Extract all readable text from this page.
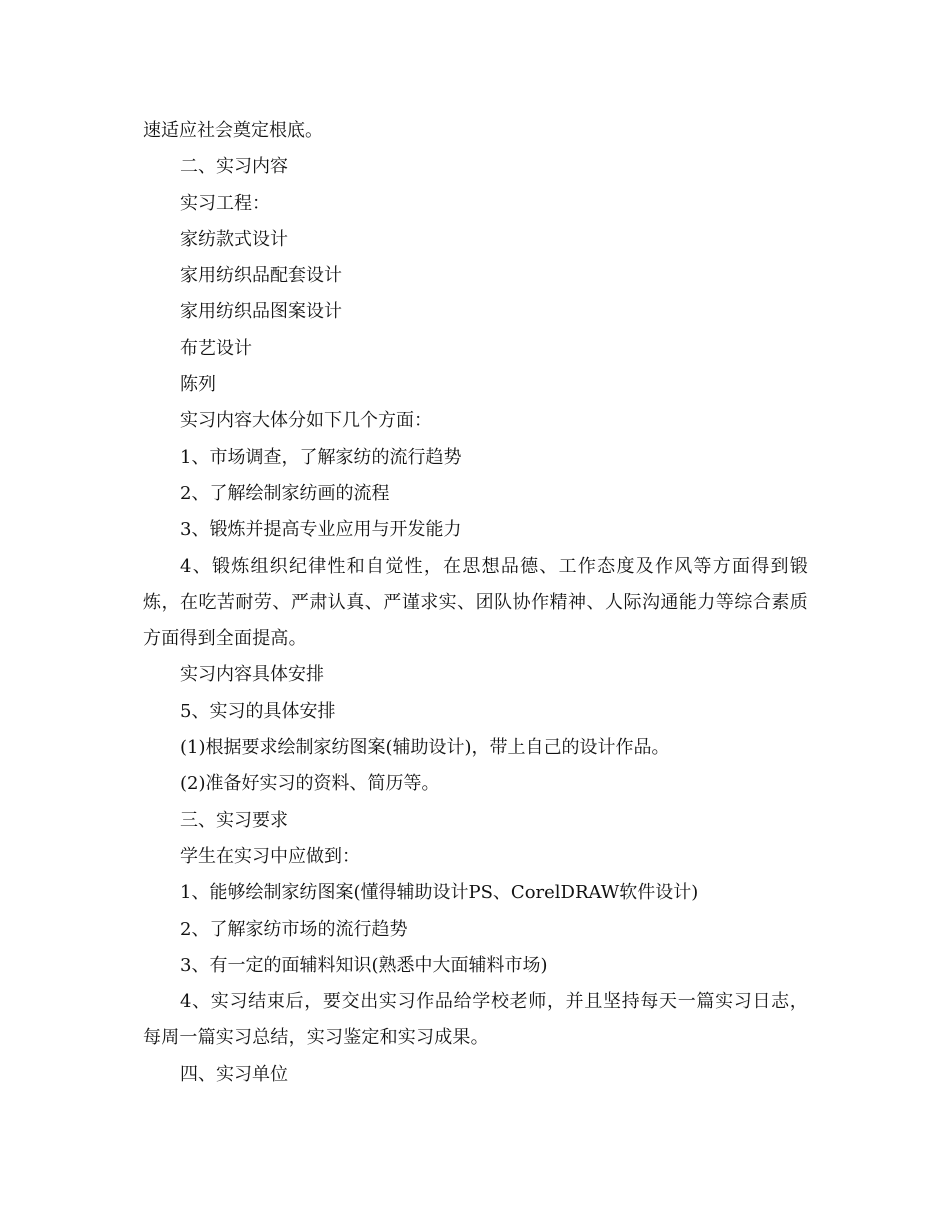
速适应社会奠定根底。

二、实习内容

实习工程：

家纺款式设计

家用纺织品配套设计

家用纺织品图案设计

布艺设计

陈列

实习内容大体分如下几个方面：

1、市场调查，了解家纺的流行趋势

2、了解绘制家纺画的流程

3、锻炼并提高专业应用与开发能力

4、锻炼组织纪律性和自觉性，在思想品德、工作态度及作风等方面得到锻炼，在吃苦耐劳、严肃认真、严谨求实、团队协作精神、人际沟通能力等综合素质方面得到全面提高。

实习内容具体安排

5、实习的具体安排

(1)根据要求绘制家纺图案(辅助设计)，带上自己的设计作品。

(2)准备好实习的资料、简历等。

三、实习要求

学生在实习中应做到：

1、能够绘制家纺图案(懂得辅助设计PS、CorelDRAW软件设计)

2、了解家纺市场的流行趋势

3、有一定的面辅料知识(熟悉中大面辅料市场)

4、实习结束后，要交出实习作品给学校老师，并且坚持每天一篇实习日志，每周一篇实习总结，实习鉴定和实习成果。

四、实习单位
